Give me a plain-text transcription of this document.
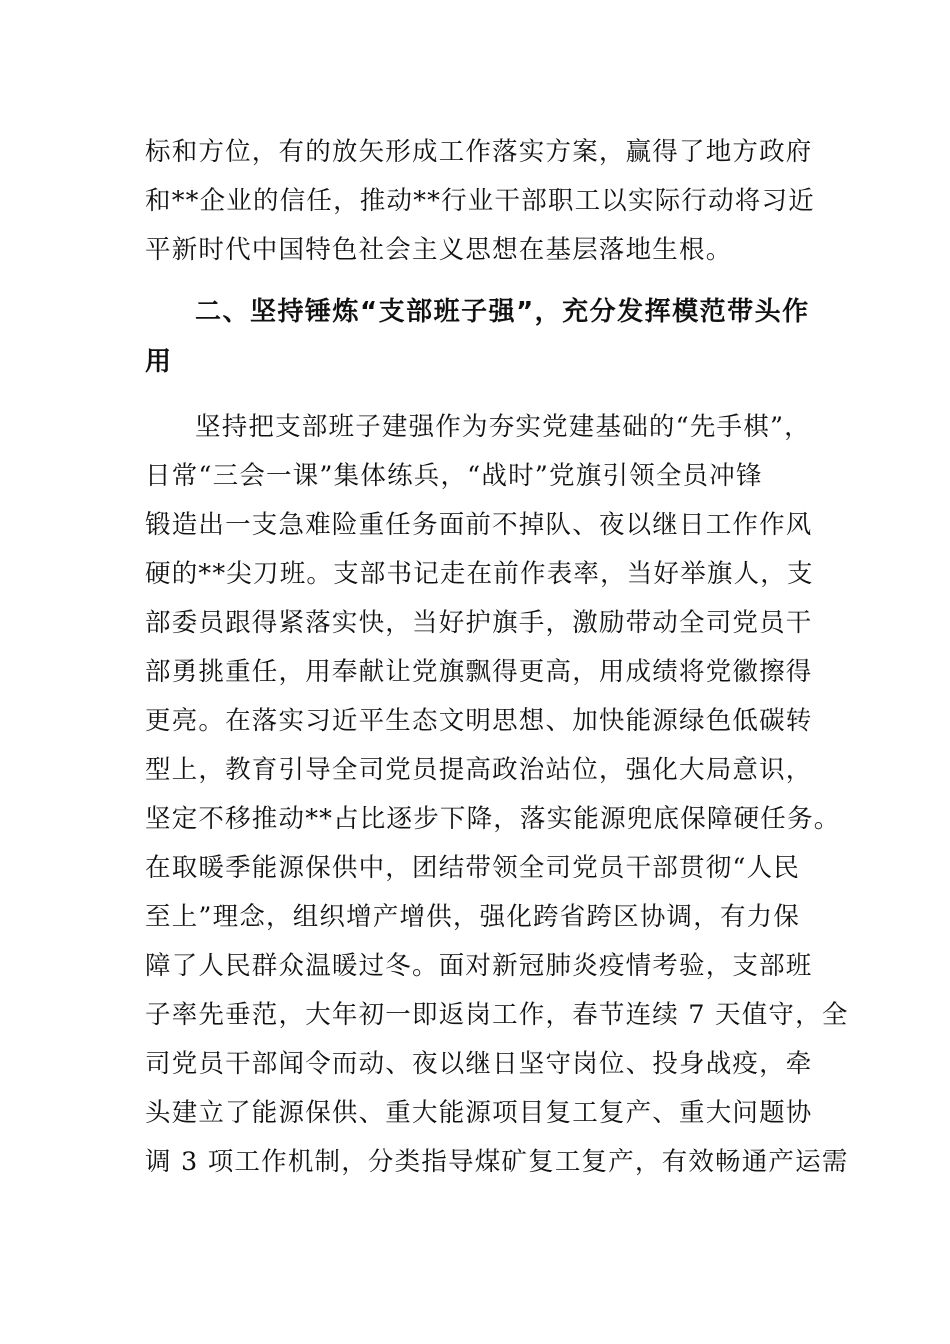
标和方位，有的放矢形成工作落实方案，赢得了地方政府
和**企业的信任，推动**行业干部职工以实际行动将习近
平新时代中国特色社会主义思想在基层落地生根。
二、坚持锤炼“支部班子强”，充分发挥模范带头作
用
坚持把支部班子建强作为夯实党建基础的“先手棋”，
日常“三会一课”集体练兵，“战时”党旗引领全员冲锋
锻造出一支急难险重任务面前不掉队、夜以继日工作作风
硬的**尖刀班。支部书记走在前作表率，当好举旗人，支
部委员跟得紧落实快，当好护旗手，激励带动全司党员干
部勇挑重任，用奉献让党旗飘得更高，用成绩将党徽擦得
更亮。在落实习近平生态文明思想、加快能源绿色低碳转
型上，教育引导全司党员提高政治站位，强化大局意识，
坚定不移推动**占比逐步下降，落实能源兜底保障硬任务。
在取暖季能源保供中，团结带领全司党员干部贯彻“人民
至上”理念，组织增产增供，强化跨省跨区协调，有力保
障了人民群众温暖过冬。面对新冠肺炎疫情考验，支部班
子率先垂范，大年初一即返岗工作，春节连续 7 天值守，全
司党员干部闻令而动、夜以继日坚守岗位、投身战疫，牵
头建立了能源保供、重大能源项目复工复产、重大问题协
调 3 项工作机制，分类指导煤矿复工复产，有效畅通产运需
